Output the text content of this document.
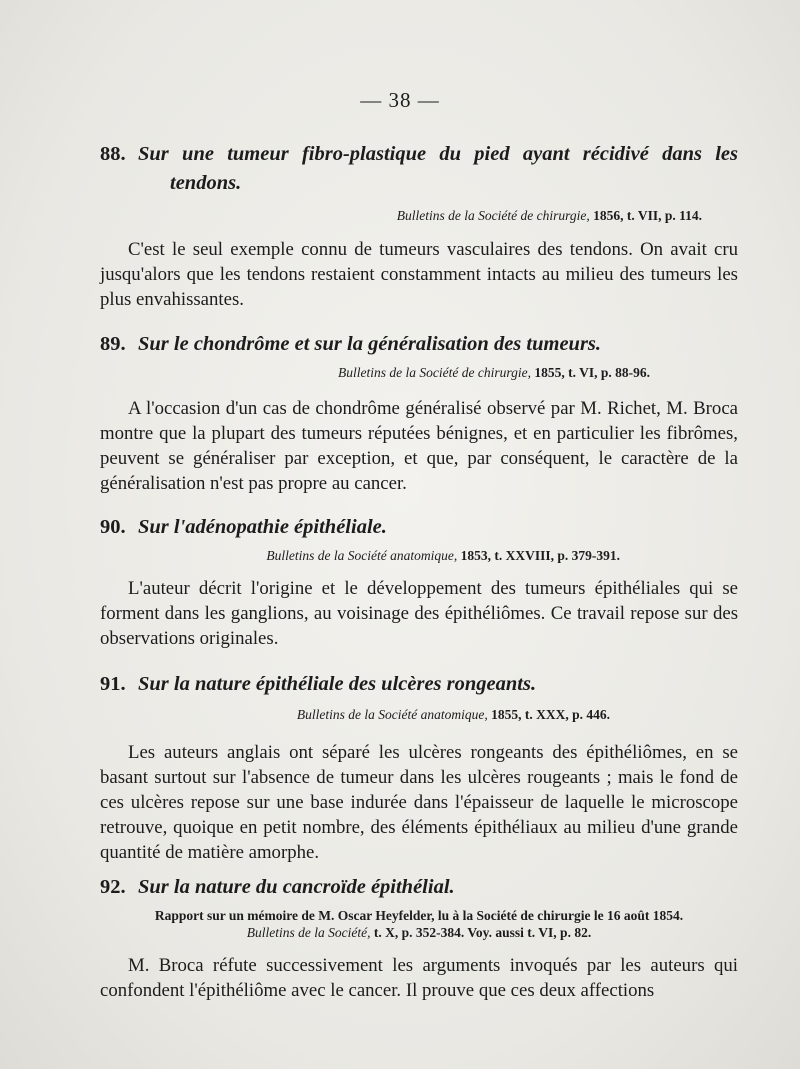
— 38 —

88. Sur une tumeur fibro-plastique du pied ayant récidivé dans les tendons.

Bulletins de la Société de chirurgie, 1856, t. VII, p. 114.

C'est le seul exemple connu de tumeurs vasculaires des tendons. On avait cru jusqu'alors que les tendons restaient constamment intacts au milieu des tumeurs les plus envahissantes.

89. Sur le chondrôme et sur la généralisation des tumeurs.

Bulletins de la Société de chirurgie, 1855, t. VI, p. 88-96.

A l'occasion d'un cas de chondrôme généralisé observé par M. Richet, M. Broca montre que la plupart des tumeurs réputées bénignes, et en particulier les fibrômes, peuvent se généraliser par exception, et que, par conséquent, le caractère de la généralisation n'est pas propre au cancer.

90. Sur l'adénopathie épithéliale.

Bulletins de la Société anatomique, 1853, t. XXVIII, p. 379-391.

L'auteur décrit l'origine et le développement des tumeurs épithéliales qui se forment dans les ganglions, au voisinage des épithéliômes. Ce travail repose sur des observations originales.

91. Sur la nature épithéliale des ulcères rongeants.

Bulletins de la Société anatomique, 1855, t. XXX, p. 446.

Les auteurs anglais ont séparé les ulcères rongeants des épithéliômes, en se basant surtout sur l'absence de tumeur dans les ulcères rougeants ; mais le fond de ces ulcères repose sur une base indurée dans l'épaisseur de laquelle le microscope retrouve, quoique en petit nombre, des éléments épithéliaux au milieu d'une grande quantité de matière amorphe.

92. Sur la nature du cancroïde épithélial.

Rapport sur un mémoire de M. Oscar Heyfelder, lu à la Société de chirurgie le 16 août 1854.

Bulletins de la Société, t. X, p. 352-384. Voy. aussi t. VI, p. 82.

M. Broca réfute successivement les arguments invoqués par les auteurs qui confondent l'épithéliôme avec le cancer. Il prouve que ces deux affections
